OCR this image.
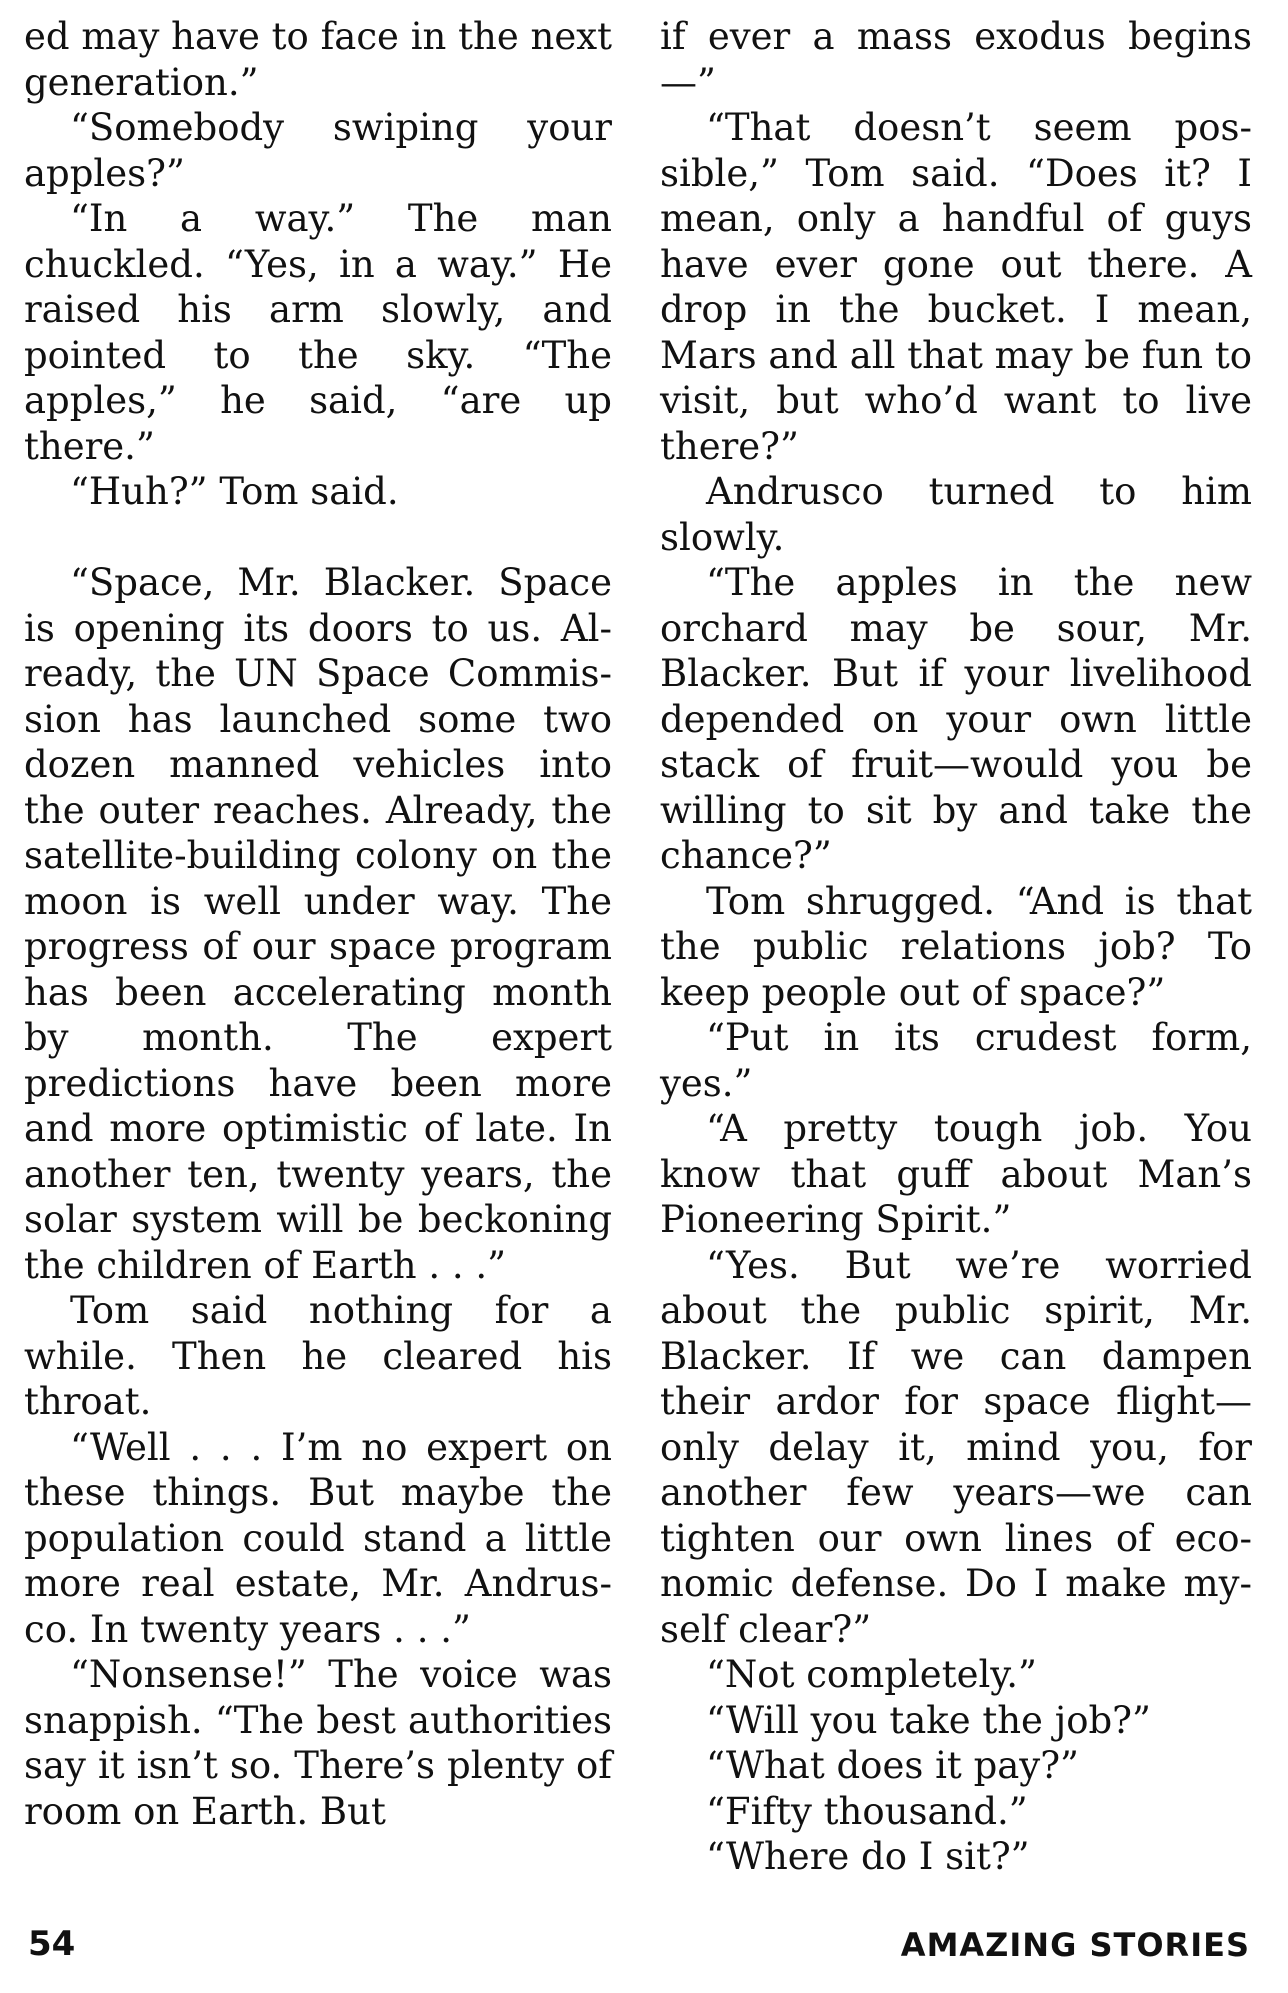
ed may have to face in the next generation.”

“Somebody swiping your apples?”

“In a way.” The man chuckled. “Yes, in a way.” He raised his arm slowly, and pointed to the sky. “The apples,” he said, “are up there.”

“Huh?” Tom said.

“Space, Mr. Blacker. Space is opening its doors to us. Already, the UN Space Commission has launched some two dozen manned vehicles into the outer reaches. Already, the satellite-building colony on the moon is well under way. The progress of our space program has been accelerating month by month. The expert predictions have been more and more optimistic of late. In another ten, twenty years, the solar system will be beckoning the children of Earth . . .”

Tom said nothing for a while. Then he cleared his throat.

“Well . . . I’m no expert on these things. But maybe the population could stand a little more real estate, Mr. Andrusco. In twenty years . . .”

“Nonsense!” The voice was snappish. “The best authorities say it isn’t so. There’s plenty of room on Earth. But

if ever a mass exodus begins—”

“That doesn’t seem possible,” Tom said. “Does it? I mean, only a handful of guys have ever gone out there. A drop in the bucket. I mean, Mars and all that may be fun to visit, but who’d want to live there?”

Andrusco turned to him slowly.

“The apples in the new orchard may be sour, Mr. Blacker. But if your livelihood depended on your own little stack of fruit—would you be willing to sit by and take the chance?”

Tom shrugged. “And is that the public relations job? To keep people out of space?”

“Put in its crudest form, yes.”

“A pretty tough job. You know that guff about Man’s Pioneering Spirit.”

“Yes. But we’re worried about the public spirit, Mr. Blacker. If we can dampen their ardor for space flight—only delay it, mind you, for another few years—we can tighten our own lines of economic defense. Do I make myself clear?”

“Not completely.”

“Will you take the job?”

“What does it pay?”

“Fifty thousand.”

“Where do I sit?”

54	AMAZING STORIES
